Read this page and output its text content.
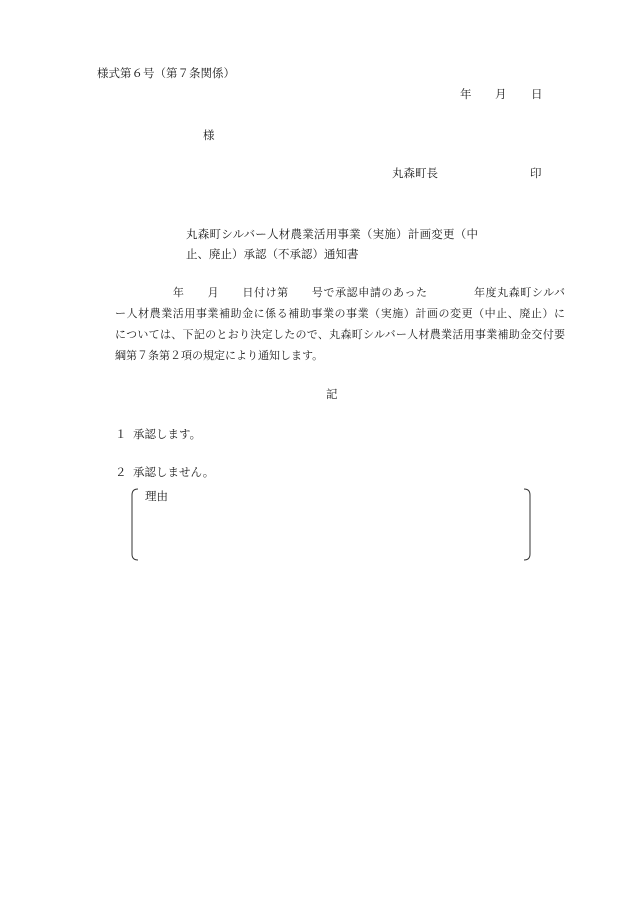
様式第６号（第７条関係）
年 月 日
様
丸森町長	印
丸森町シルバー人材農業活用事業（実施）計画変更（中
止、廃止）承認（不承認）通知書
　　　　　年　　月　　日付け第　　号で承認申請のあった　　　　年度丸森町シルバ
ー人材農業活用事業補助金に係る補助事業の事業（実施）計画の変更（中止、廃止）に
については、下記のとおり決定したので、丸森町シルバー人材農業活用事業補助金交付要
綱第７条第２項の規定により通知します。
記
１ 承認します。
２ 承認しません。
理由
